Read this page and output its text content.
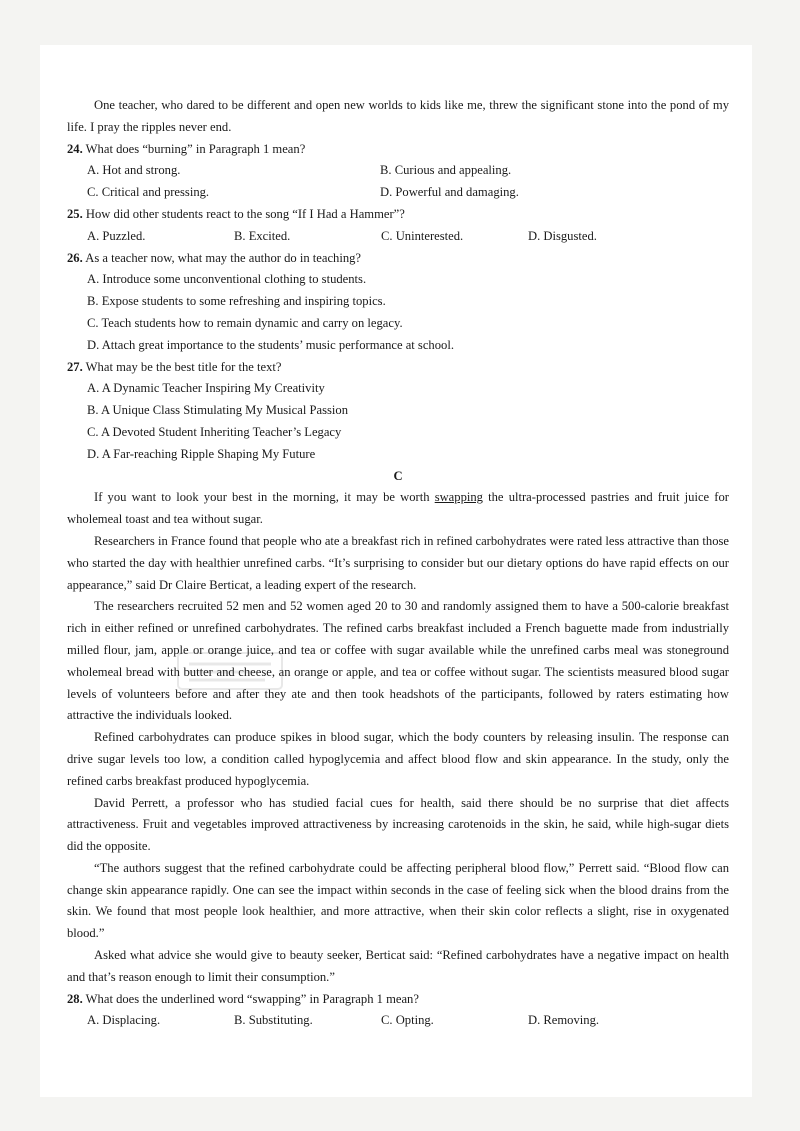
One teacher, who dared to be different and open new worlds to kids like me, threw the significant stone into the pond of my life. I pray the ripples never end.

24. What does “burning” in Paragraph 1 mean?

A. Hot and strong.	B. Curious and appealing.
C. Critical and pressing.	D. Powerful and damaging.

25. How did other students react to the song “If I Had a Hammer”?

A. Puzzled.	B. Excited.	C. Uninterested.	D. Disgusted.

26. As a teacher now, what may the author do in teaching?

A. Introduce some unconventional clothing to students.
B. Expose students to some refreshing and inspiring topics.
C. Teach students how to remain dynamic and carry on legacy.
D. Attach great importance to the students’ music performance at school.

27. What may be the best title for the text?

A. A Dynamic Teacher Inspiring My Creativity
B. A Unique Class Stimulating My Musical Passion
C. A Devoted Student Inheriting Teacher’s Legacy
D. A Far-reaching Ripple Shaping My Future

C

If you want to look your best in the morning, it may be worth swapping the ultra-processed pastries and fruit juice for wholemeal toast and tea without sugar.

Researchers in France found that people who ate a breakfast rich in refined carbohydrates were rated less attractive than those who started the day with healthier unrefined carbs. “It’s surprising to consider but our dietary options do have rapid effects on our appearance,” said Dr Claire Berticat, a leading expert of the research.

The researchers recruited 52 men and 52 women aged 20 to 30 and randomly assigned them to have a 500-calorie breakfast rich in either refined or unrefined carbohydrates. The refined carbs breakfast included a French baguette made from industrially milled flour, jam, apple or orange juice, and tea or coffee with sugar available while the unrefined carbs meal was stoneground wholemeal bread with butter and cheese, an orange or apple, and tea or coffee without sugar. The scientists measured blood sugar levels of volunteers before and after they ate and then took headshots of the participants, followed by raters estimating how attractive the individuals looked.

Refined carbohydrates can produce spikes in blood sugar, which the body counters by releasing insulin. The response can drive sugar levels too low, a condition called hypoglycemia and affect blood flow and skin appearance. In the study, only the refined carbs breakfast produced hypoglycemia.

David Perrett, a professor who has studied facial cues for health, said there should be no surprise that diet affects attractiveness. Fruit and vegetables improved attractiveness by increasing carotenoids in the skin, he said, while high-sugar diets did the opposite.

“The authors suggest that the refined carbohydrate could be affecting peripheral blood flow,” Perrett said. “Blood flow can change skin appearance rapidly. One can see the impact within seconds in the case of feeling sick when the blood drains from the skin. We found that most people look healthier, and more attractive, when their skin color reflects a slight, rise in oxygenated blood.”

Asked what advice she would give to beauty seeker, Berticat said: “Refined carbohydrates have a negative impact on health and that’s reason enough to limit their consumption.”

28. What does the underlined word “swapping” in Paragraph 1 mean?

A. Displacing.	B. Substituting.	C. Opting.	D. Removing.
